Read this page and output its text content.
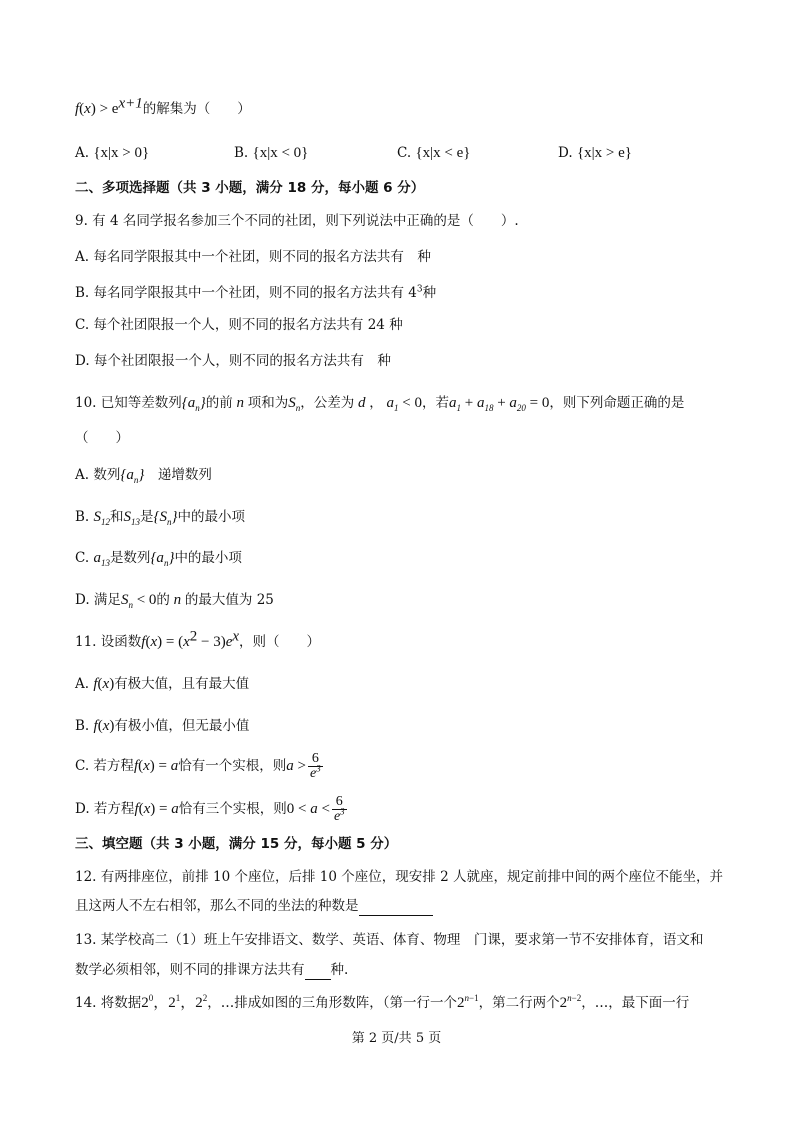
$f(x) > e^{x+1}$的解集为（　　）
A. {x|x > 0}	B. {x|x < 0}	C. {x|x < e}	D. {x|x > e}
二、多项选择题（共 3 小题，满分 18 分，每小题 6 分）
9. 有 4 名同学报名参加三个不同的社团，则下列说法中正确的是（　　）.
A. 每名同学限报其中一个社团，则不同的报名方法共有　种
B. 每名同学限报其中一个社团，则不同的报名方法共有 $4^3$种
C. 每个社团限报一个人，则不同的报名方法共有 24 种
D. 每个社团限报一个人，则不同的报名方法共有　种
10. 已知等差数列$\{a_n\}$的前 n 项和为$S_n$，公差为 d ， $a_1 < 0$，若$a_1 + a_{18} + a_{20} = 0$，则下列命题正确的是
（　　）
A. 数列$\{a_n\}$　递增数列
B. $S_{12}$和$S_{13}$是$\{S_n\}$中的最小项
C. $a_{13}$是数列$\{a_n\}$中的最小项
D. 满足$S_n < 0$的 n 的最大值为 25
11. 设函数$f(x) = (x^2 - 3)e^x$，则（　　）
A. f(x)有极大值，且有最大值
B. f(x)有极小值，但无最小值
C. 若方程f(x) = a恰有一个实根，则$a > \frac{6}{e^3}$
D. 若方程f(x) = a恰有三个实根，则$0 < a < \frac{6}{e^3}$
三、填空题（共 3 小题，满分 15 分，每小题 5 分）
12. 有两排座位，前排 10 个座位，后排 10 个座位，现安排 2 人就座，规定前排中间的两个座位不能坐，并
且这两人不左右相邻，那么不同的坐法的种数是
13. 某学校高二（1）班上午安排语文、数学、英语、体育、物理　门课，要求第一节不安排体育，语文和
数学必须相邻，则不同的排课方法共有 种.
14. 将数据$2^0$，$2^1$，$2^2$，…排成如图的三角形数阵，（第一行一个$2^{n-1}$，第二行两个$2^{n-2}$，…，最下面一行
第 2 页/共 5 页
